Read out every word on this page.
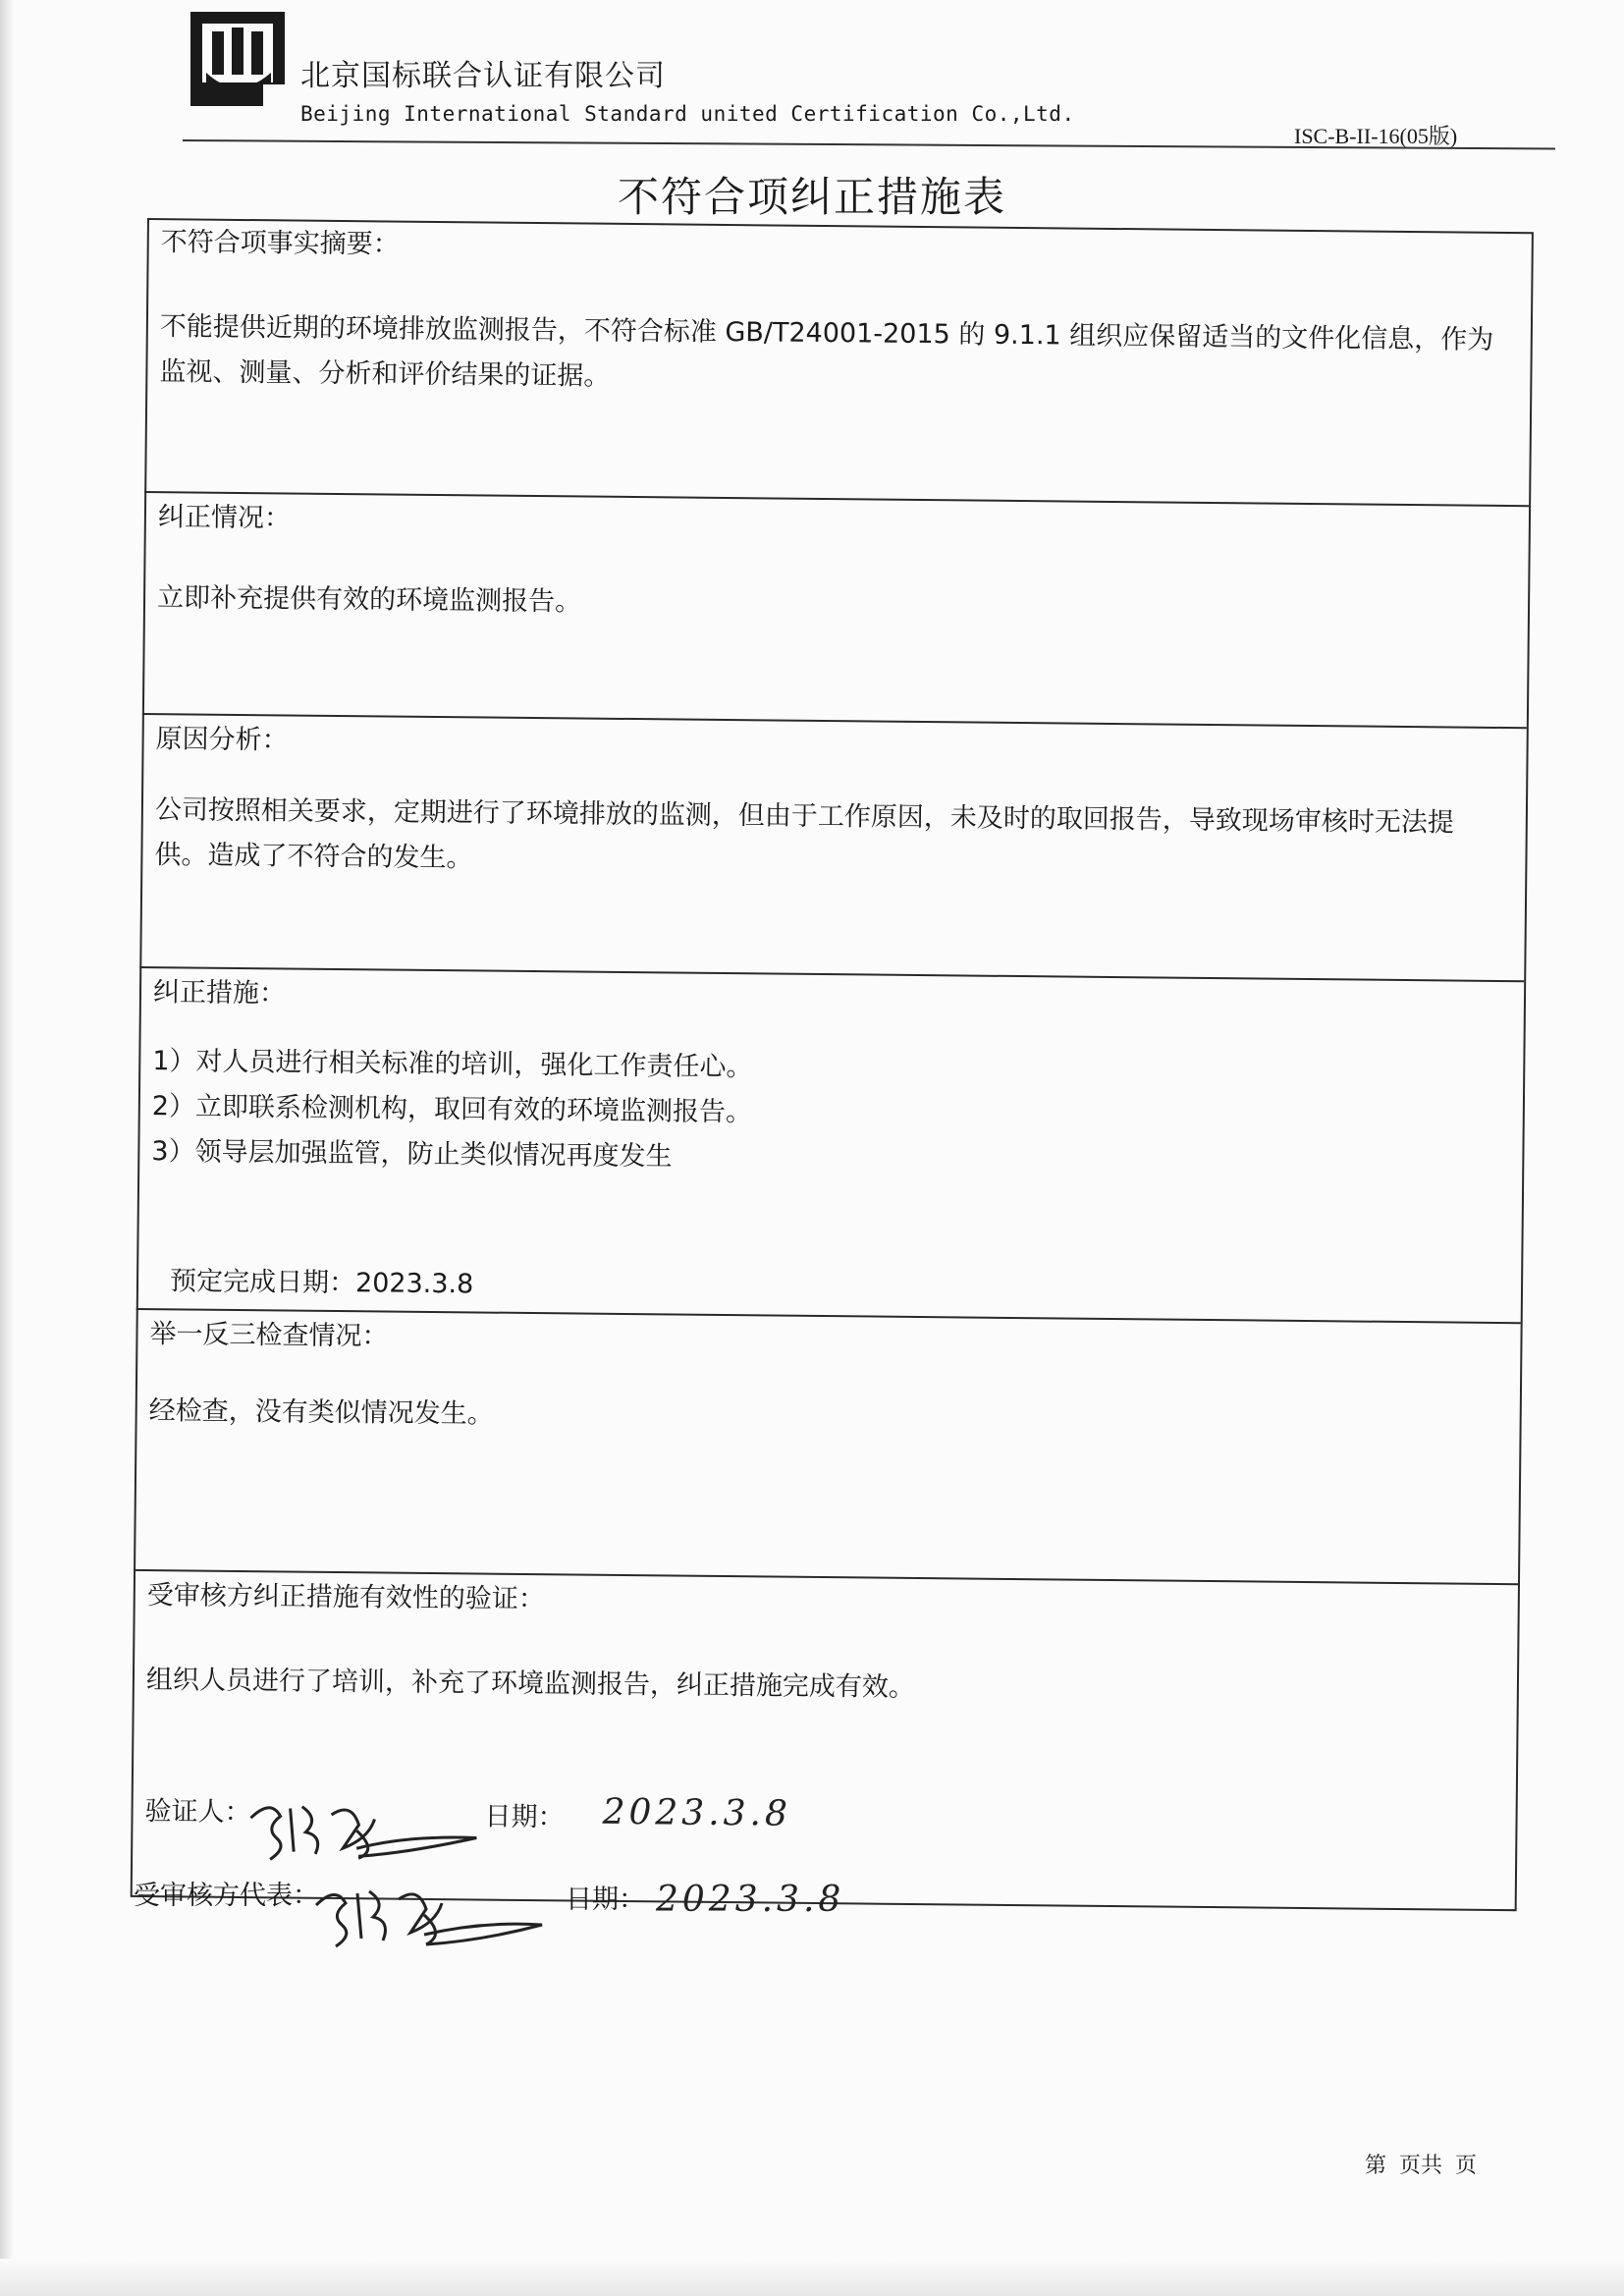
北京国标联合认证有限公司
Beijing International Standard united Certification Co.,Ltd.
ISC-B-II-16(05版)
不符合项纠正措施表
不符合项事实摘要：
不能提供近期的环境排放监测报告，不符合标准 GB/T24001-2015 的 9.1.1 组织应保留适当的文件化信息，作为监视、测量、分析和评价结果的证据。
纠正情况：
立即补充提供有效的环境监测报告。
原因分析：
公司按照相关要求，定期进行了环境排放的监测，但由于工作原因，未及时的取回报告，导致现场审核时无法提供。造成了不符合的发生。
纠正措施：
1）对人员进行相关标准的培训，强化工作责任心。
2）立即联系检测机构，取回有效的环境监测报告。
3）领导层加强监管，防止类似情况再度发生
预定完成日期：2023.3.8
举一反三检查情况：
经检查，没有类似情况发生。
受审核方纠正措施有效性的验证：
组织人员进行了培训，补充了环境监测报告，纠正措施完成有效。
验证人：	日期： 2023.3.8
受审核方代表：	日期： 2023.3.8
第 页共 页
